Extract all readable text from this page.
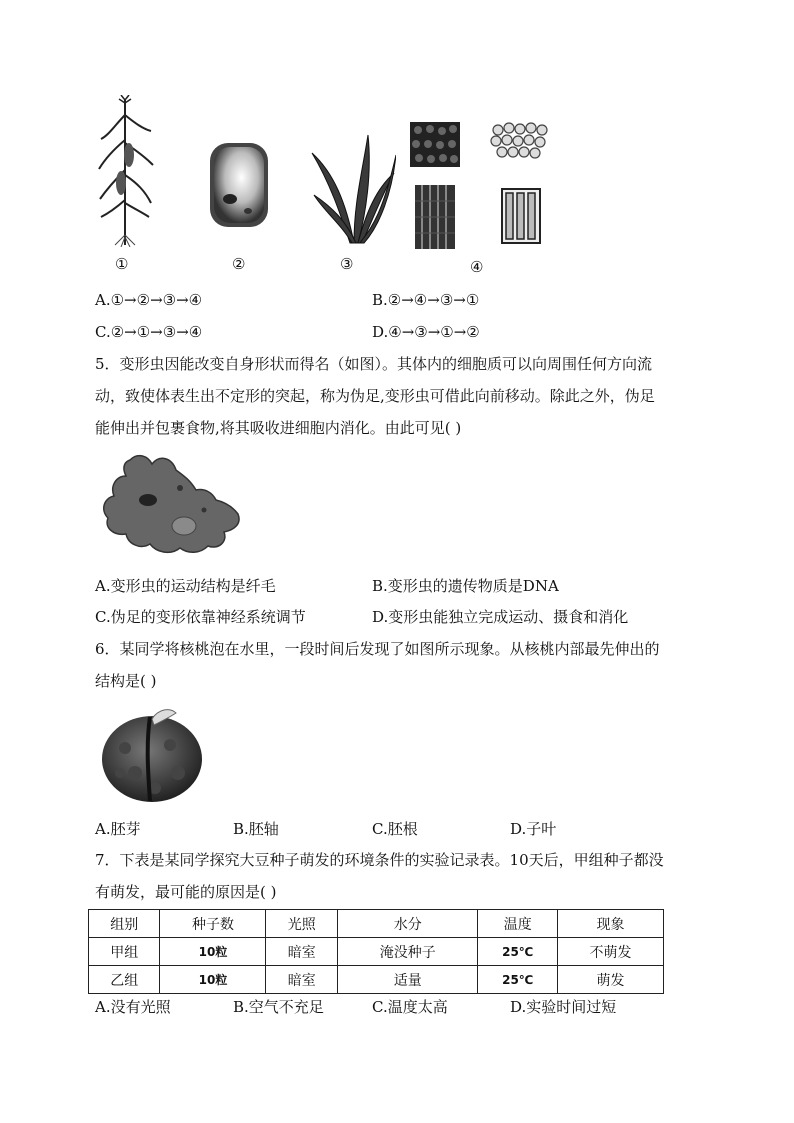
①	②	③	④
A.①→②→③→④	B.②→④→③→①
C.②→①→③→④	D.④→③→①→②
5．变形虫因能改变自身形状而得名（如图）。其体内的细胞质可以向周围任何方向流
动，致使体表生出不定形的突起，称为伪足,变形虫可借此向前移动。除此之外，伪足
能伸出并包裹食物,将其吸收进细胞内消化。由此可见( )
A.变形虫的运动结构是纤毛	B.变形虫的遗传物质是DNA
C.伪足的变形依靠神经系统调节	D.变形虫能独立完成运动、摄食和消化
6．某同学将核桃泡在水里，一段时间后发现了如图所示现象。从核桃内部最先伸出的
结构是( )
A.胚芽	B.胚轴	C.胚根	D.子叶
7．下表是某同学探究大豆种子萌发的环境条件的实验记录表。10天后，甲组种子都没
有萌发，最可能的原因是( )
组别	种子数	光照	水分	温度	现象
甲组	10粒	暗室	淹没种子	25℃	不萌发
乙组	10粒	暗室	适量	25℃	萌发
A.没有光照	B.空气不充足	C.温度太高	D.实验时间过短
